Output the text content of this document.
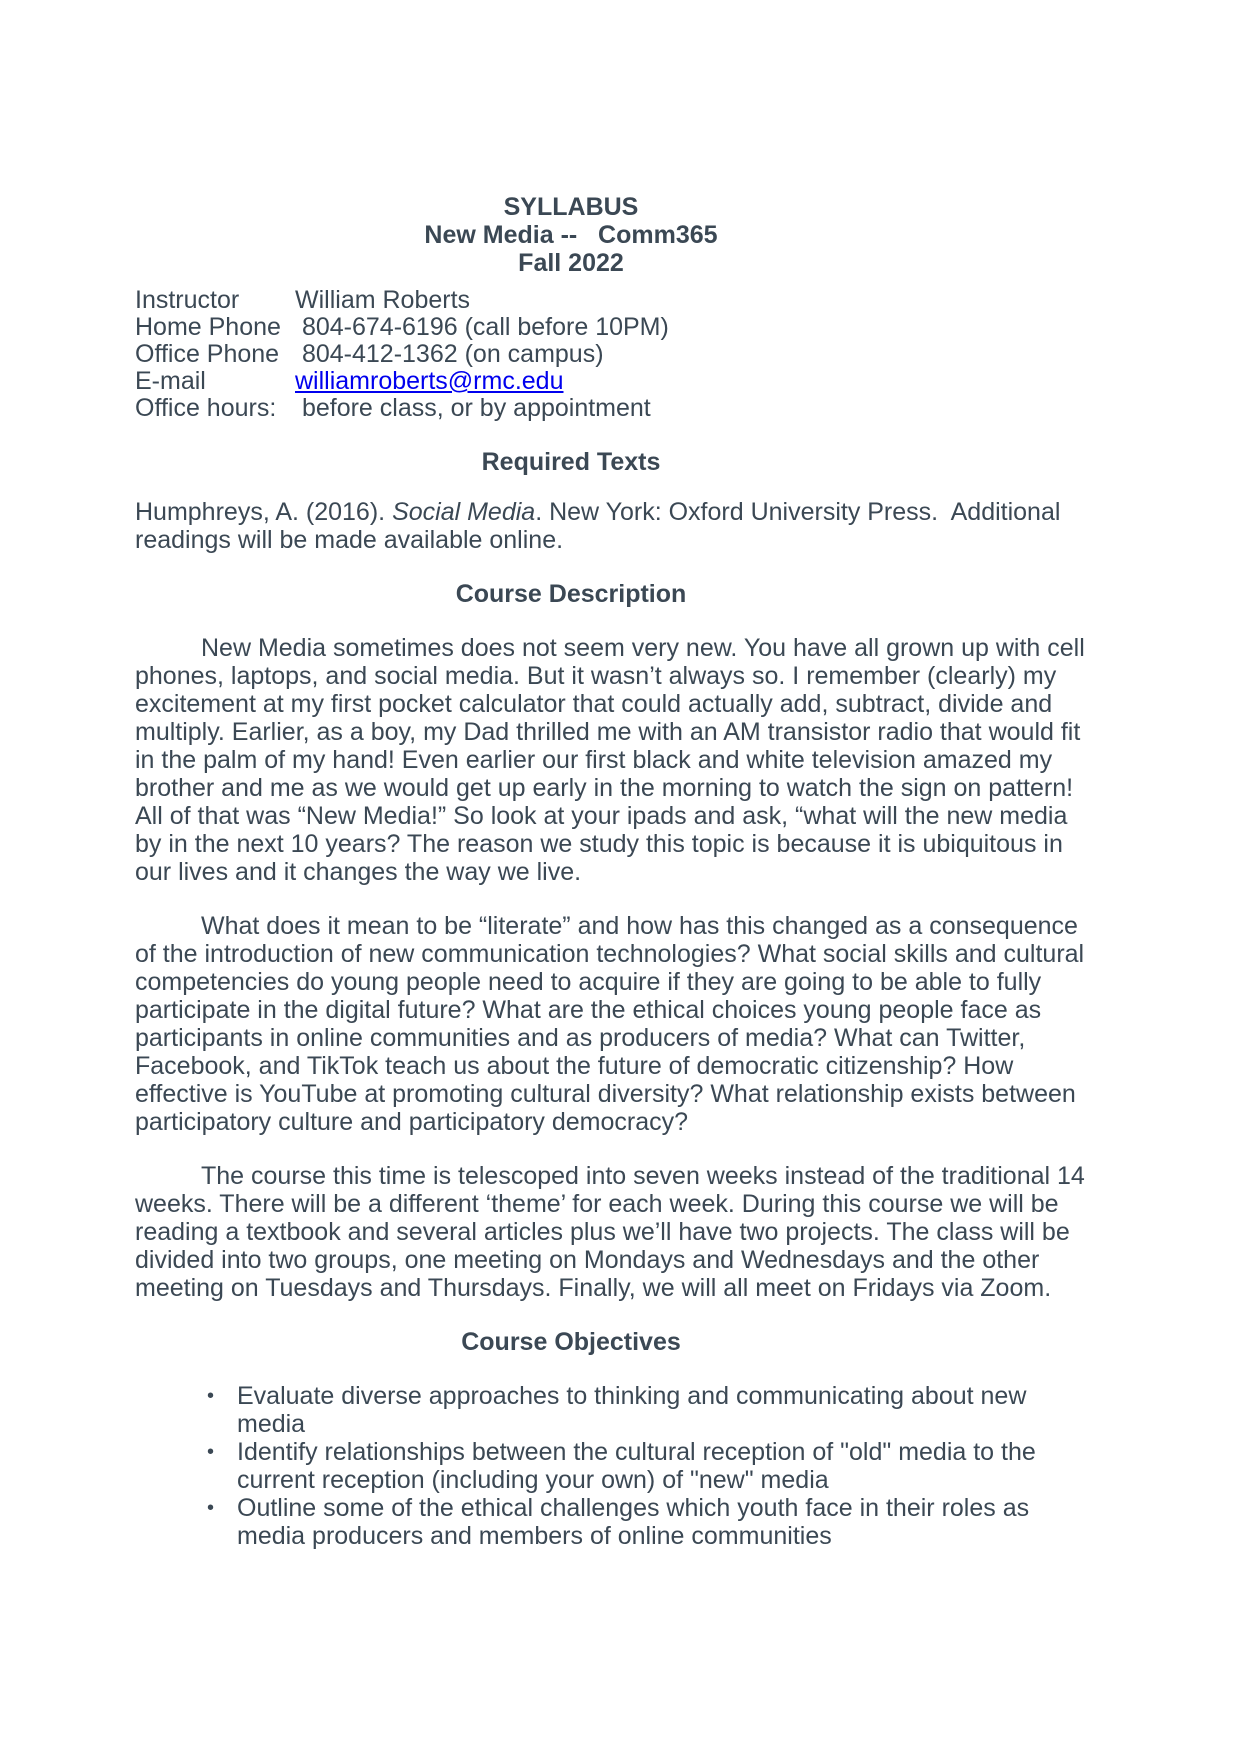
SYLLABUS
New Media --   Comm365
Fall 2022
Instructor	William Roberts
Home Phone 804-674-6196 (call before 10PM)
Office Phone 804-412-1362 (on campus)
E-mail	williamroberts@rmc.edu
Office hours: before class, or by appointment
Required Texts

Humphreys, A. (2016). Social Media. New York: Oxford University Press.  Additional readings will be made available online.

Course Description

New Media sometimes does not seem very new. You have all grown up with cell phones, laptops, and social media. But it wasn’t always so. I remember (clearly) my excitement at my first pocket calculator that could actually add, subtract, divide and multiply. Earlier, as a boy, my Dad thrilled me with an AM transistor radio that would fit in the palm of my hand! Even earlier our first black and white television amazed my brother and me as we would get up early in the morning to watch the sign on pattern! All of that was “New Media!” So look at your ipads and ask, “what will the new media by in the next 10 years? The reason we study this topic is because it is ubiquitous in our lives and it changes the way we live.

What does it mean to be “literate” and how has this changed as a consequence of the introduction of new communication technologies? What social skills and cultural competencies do young people need to acquire if they are going to be able to fully participate in the digital future? What are the ethical choices young people face as participants in online communities and as producers of media? What can Twitter, Facebook, and TikTok teach us about the future of democratic citizenship? How effective is YouTube at promoting cultural diversity? What relationship exists between participatory culture and participatory democracy?

The course this time is telescoped into seven weeks instead of the traditional 14 weeks. There will be a different ‘theme’ for each week. During this course we will be reading a textbook and several articles plus we’ll have two projects. The class will be divided into two groups, one meeting on Mondays and Wednesdays and the other meeting on Tuesdays and Thursdays. Finally, we will all meet on Fridays via Zoom.

Course Objectives
• Evaluate diverse approaches to thinking and communicating about new media
• Identify relationships between the cultural reception of "old" media to the current reception (including your own) of "new" media
• Outline some of the ethical challenges which youth face in their roles as media producers and members of online communities
